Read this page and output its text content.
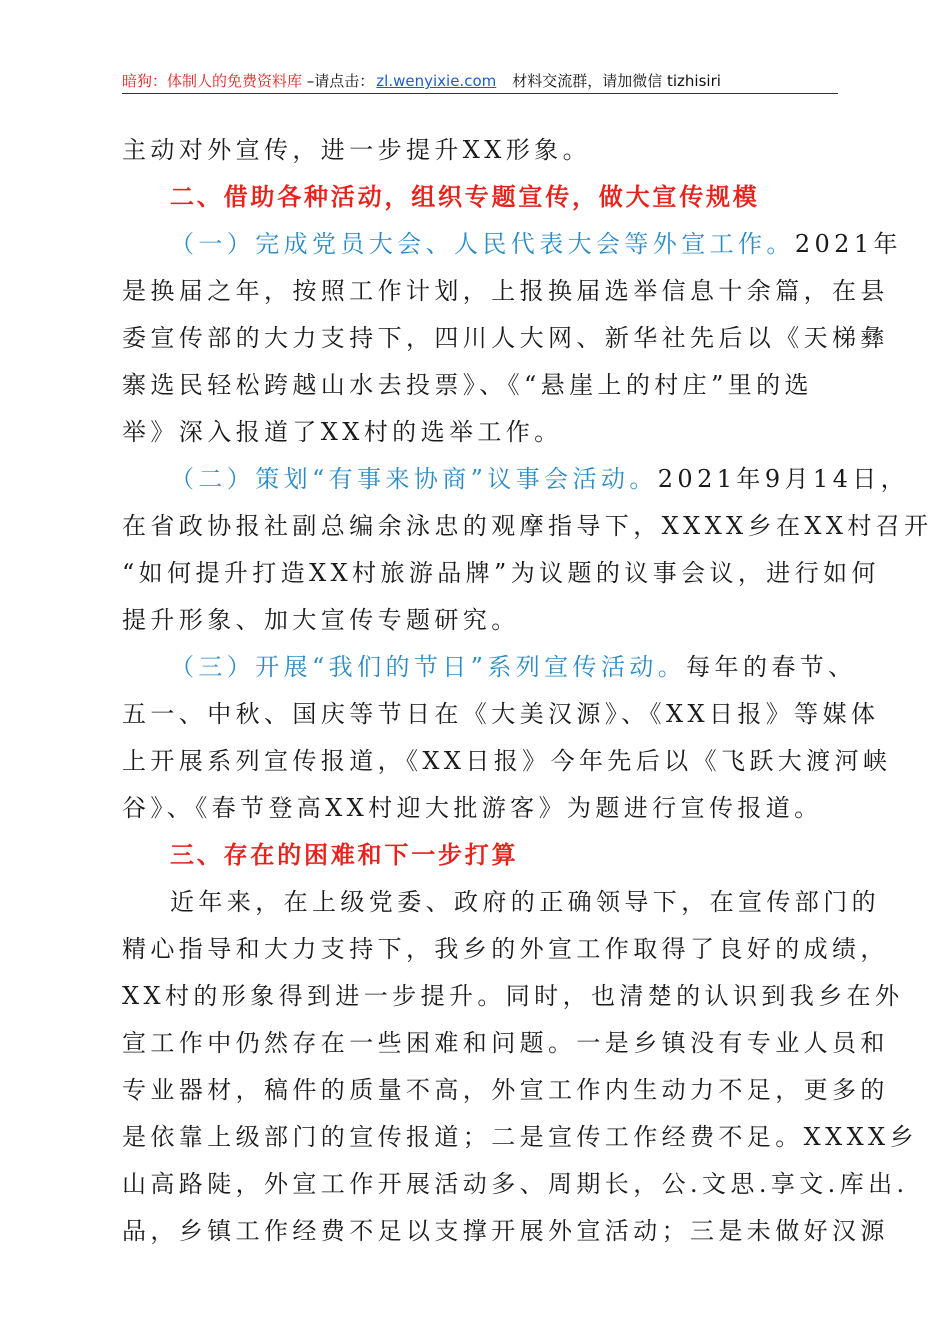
暗狗：体制人的免费资料库 –请点击： zl.wenyixie.com 材料交流群，请加微信 tizhisiri
主动对外宣传，进一步提升XX形象。
二、借助各种活动，组织专题宣传，做大宣传规模
（一）完成党员大会、人民代表大会等外宣工作。2021年
是换届之年，按照工作计划，上报换届选举信息十余篇，在县
委宣传部的大力支持下，四川人大网、新华社先后以《天梯彝
寨选民轻松跨越山水去投票》、《“悬崖上的村庄”里的选
举》深入报道了XX村的选举工作。
（二）策划“有事来协商”议事会活动。2021年9月14日，
在省政协报社副总编余泳忠的观摩指导下，XXXX乡在XX村召开
“如何提升打造XX村旅游品牌”为议题的议事会议，进行如何
提升形象、加大宣传专题研究。
（三）开展“我们的节日”系列宣传活动。每年的春节、
五一、中秋、国庆等节日在《大美汉源》、《XX日报》等媒体
上开展系列宣传报道，《XX日报》今年先后以《飞跃大渡河峡
谷》、《春节登高XX村迎大批游客》为题进行宣传报道。
三、存在的困难和下一步打算
近年来，在上级党委、政府的正确领导下，在宣传部门的
精心指导和大力支持下，我乡的外宣工作取得了良好的成绩，
XX村的形象得到进一步提升。同时，也清楚的认识到我乡在外
宣工作中仍然存在一些困难和问题。一是乡镇没有专业人员和
专业器材，稿件的质量不高，外宣工作内生动力不足，更多的
是依靠上级部门的宣传报道；二是宣传工作经费不足。XXXX乡
山高路陡，外宣工作开展活动多、周期长，公.文思.享文.库出.
品，乡镇工作经费不足以支撑开展外宣活动；三是未做好汉源
